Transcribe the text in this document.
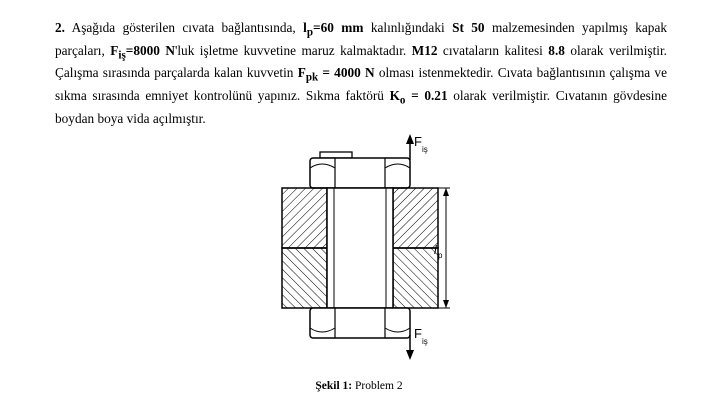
2. Aşağıda gösterilen cıvata bağlantısında, $l_p=60$ mm kalınlığındaki St 50 malzemesinden yapılmış kapak parçaları, $F_{iş}=8000$ N'luk işletme kuvvetine maruz kalmaktadır. M12 cıvataların kalitesi 8.8 olarak verilmiştir. Çalışma sırasında parçalarda kalan kuvvetin $F_{pk} = 4000$ N olması istenmektedir. Cıvata bağlantısının çalışma ve sıkma sırasında emniyet kontrolünü yapınız. Sıkma faktörü $K_o = 0.21$ olarak verilmiştir. Cıvatanın gövdesine boydan boya vida açılmıştır.
F
iş
F
iş
l p
Şekil 1: Problem 2
